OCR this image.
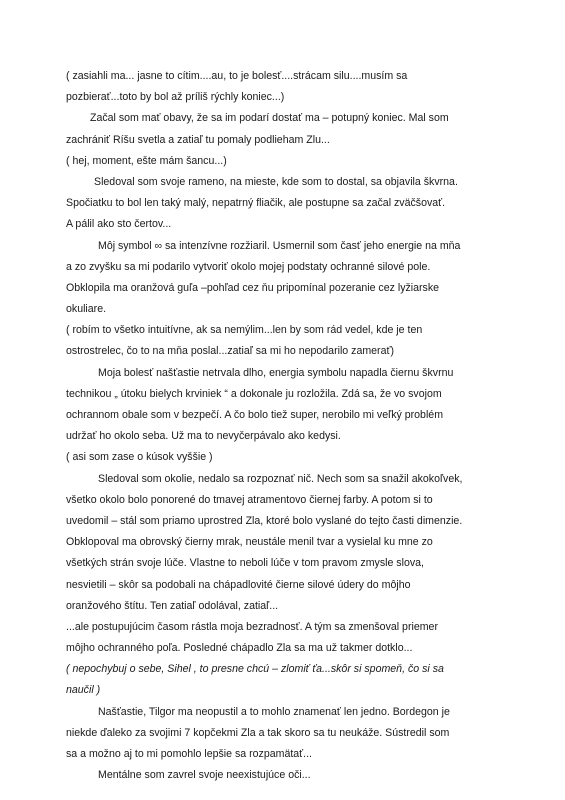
( zasiahli ma... jasne to cítim....au, to je bolesť....strácam silu....musím sa
pozbierať...toto by bol až príliš rýchly koniec...)
Začal som mať obavy, že sa im podarí dostať ma – potupný koniec. Mal som
zachrániť Ríšu svetla a zatiaľ tu pomaly podlieham Zlu...
( hej, moment, ešte mám šancu...)
Sledoval som svoje rameno, na mieste, kde som to dostal, sa objavila škvrna.
Spočiatku to bol len taký malý, nepatrný fliačik, ale postupne sa začal zväčšovať.
A pálil ako sto čertov...
Môj symbol ∞ sa intenzívne rozžiaril. Usmernil som časť jeho energie na mňa
a zo zvyšku sa mi podarilo vytvoriť okolo mojej podstaty ochranné silové pole.
Obklopila ma oranžová guľa –pohľad cez ňu pripomínal pozeranie cez lyžiarske
okuliare.
( robím to všetko intuitívne, ak sa nemýlim...len by som rád vedel, kde je ten
ostrostrelec, čo to na mňa poslal...zatiaľ sa mi ho nepodarilo zamerať)
Moja bolesť našťastie netrvala dlho, energia symbolu napadla čiernu škvrnu
technikou „ útoku bielych krviniek “ a dokonale ju rozložila. Zdá sa, že vo svojom
ochrannom obale som v bezpečí. A čo bolo tiež super, nerobilo mi veľký problém
udržať ho okolo seba. Už ma to nevyčerpávalo ako kedysi.
( asi som zase o kúsok vyššie )
Sledoval som okolie, nedalo sa rozpoznať nič. Nech som sa snažil akokoľvek,
všetko okolo bolo ponorené do tmavej atramentovo čiernej farby. A potom si to
uvedomil – stál som priamo uprostred Zla, ktoré bolo vyslané do tejto časti dimenzie.
Obklopoval ma obrovský čierny mrak, neustále menil tvar a vysielal ku mne zo
všetkých strán svoje lúče. Vlastne to neboli lúče v tom pravom zmysle slova,
nesvietili – skôr sa podobali na chápadlovité čierne silové údery do môjho
oranžového štítu. Ten zatiaľ odolával, zatiaľ...
...ale postupujúcim časom rástla moja bezradnosť. A tým sa zmenšoval priemer
môjho ochranného poľa. Posledné chápadlo Zla sa ma už takmer dotklo...
( nepochybuj o sebe, Sihel , to presne chcú – zlomiť ťa...skôr si spomeň, čo si sa
naučil )
Našťastie, Tilgor ma neopustil a to mohlo znamenať len jedno. Bordegon je
niekde ďaleko za svojimi 7 kopčekmi Zla a tak skoro sa tu neukáže. Sústredil som
sa a možno aj to mi pomohlo lepšie sa rozpamätať...
Mentálne som zavrel svoje neexistujúce oči...
